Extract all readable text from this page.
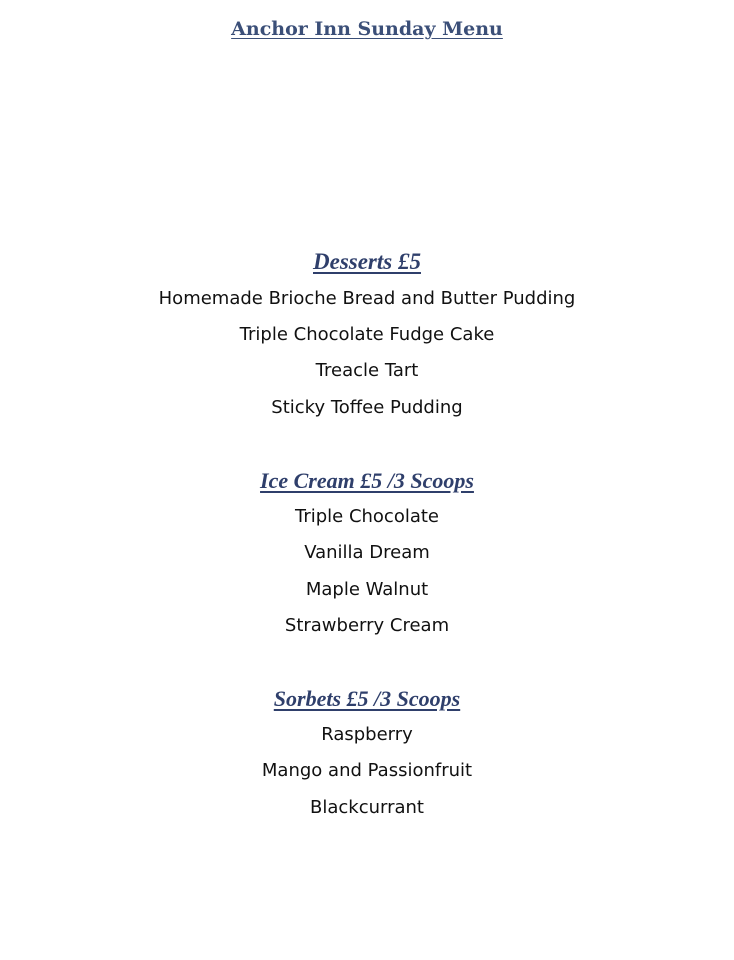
Anchor Inn Sunday Menu
Desserts £5

Homemade Brioche Bread and Butter Pudding

Triple Chocolate Fudge Cake

Treacle Tart

Sticky Toffee Pudding

Ice Cream £5 /3 Scoops

Triple Chocolate

Vanilla Dream

Maple Walnut

Strawberry Cream

Sorbets £5 /3 Scoops

Raspberry

Mango and Passionfruit

Blackcurrant
